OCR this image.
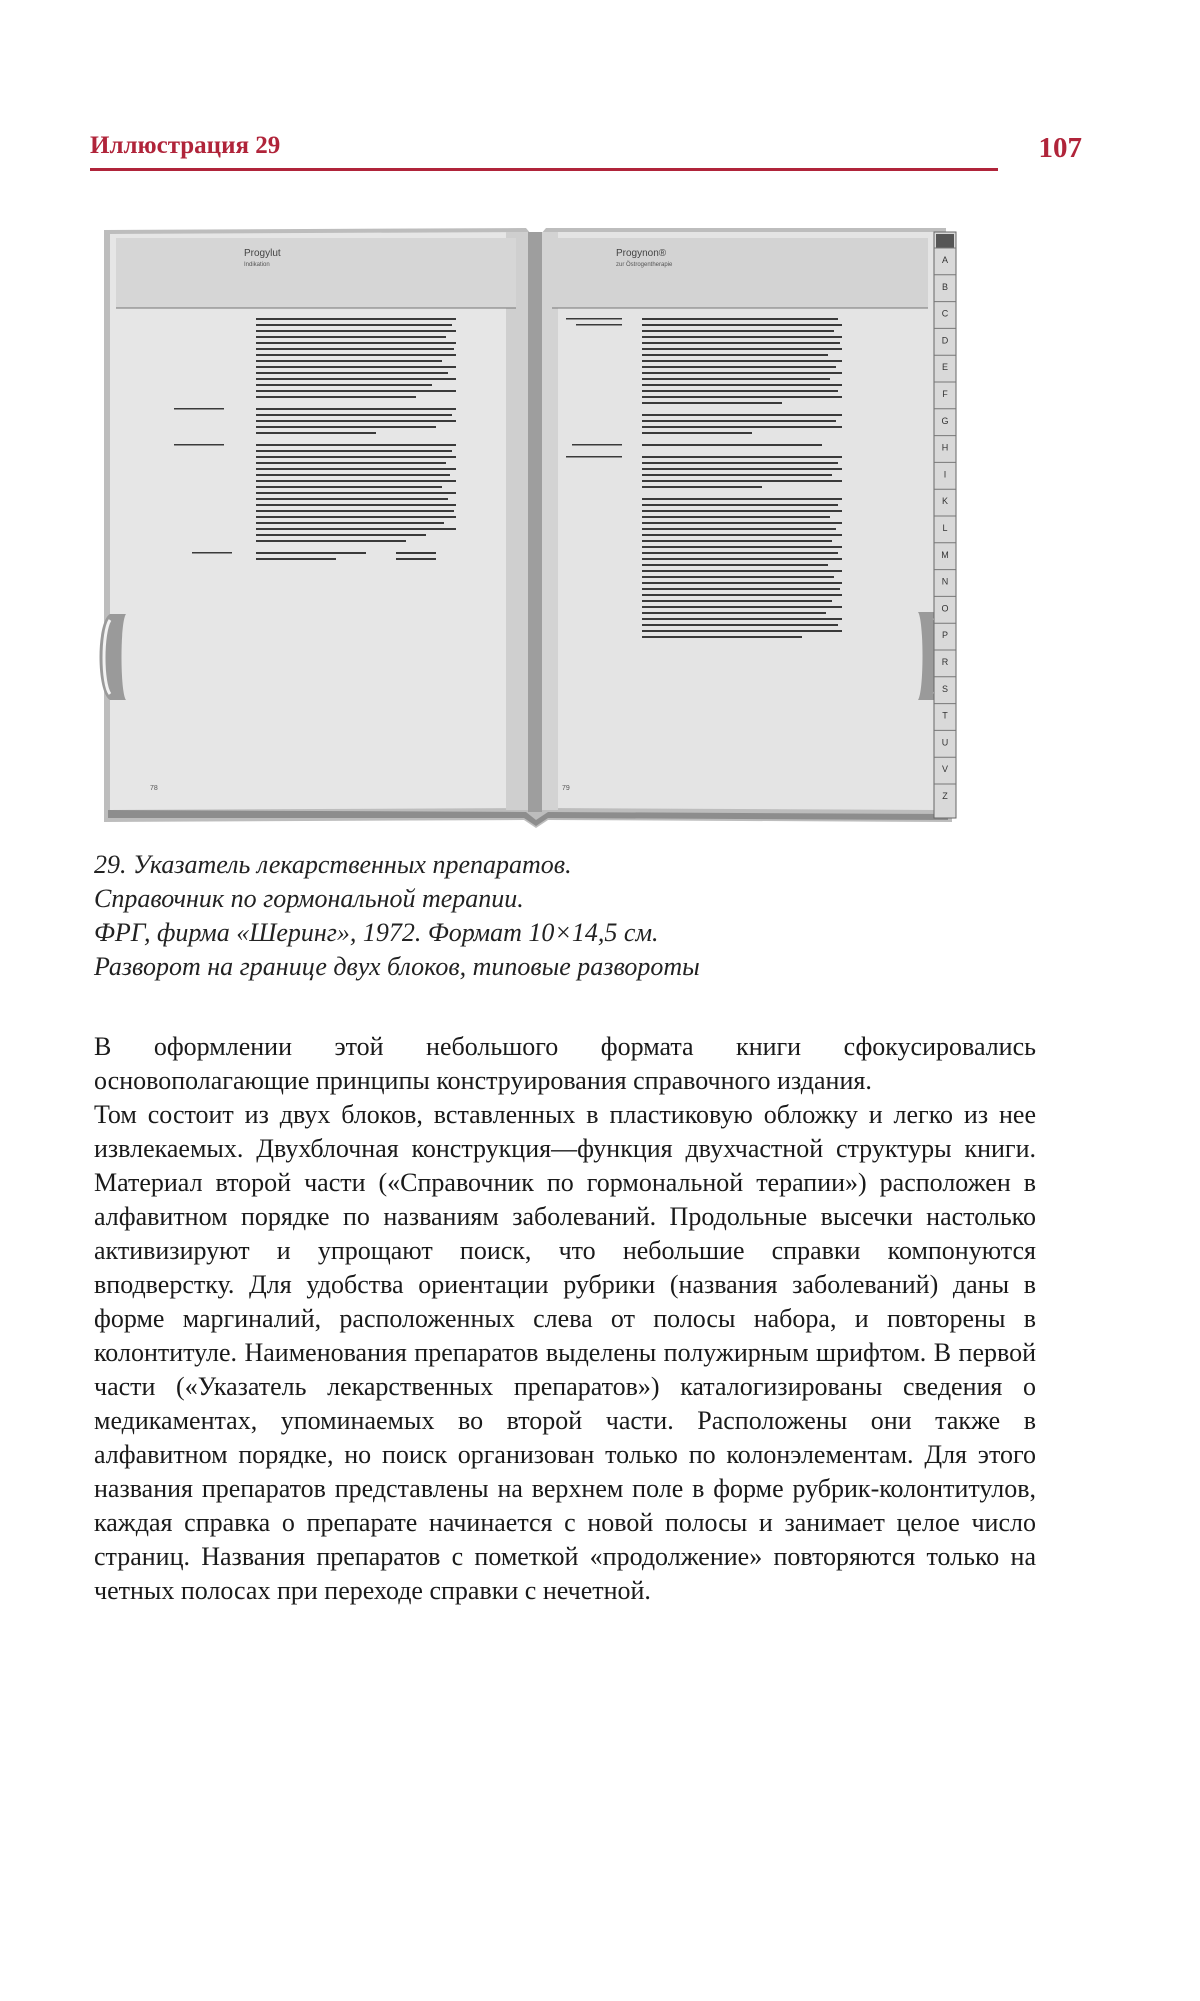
Иллюстрация 29	107
Progylut
Indikation
Progynon®
zur Östrogentherapie
78	79
A
B
C
D
E
F
G
H
I
K
L
M
N
O
P
R
S
T
U
V
Z
29. Указатель лекарственных препаратов.
Справочник по гормональной терапии.
ФРГ, фирма «Шеринг», 1972. Формат 10×14,5 см.
Разворот на границе двух блоков, типовые развороты

В оформлении этой небольшого формата книги сфокусировались основополагающие принципы конструирования справочного издания.

Том состоит из двух блоков, вставленных в пластиковую обложку и легко из нее извлекаемых. Двухблочная конструкция—функция двухчастной структуры книги. Материал второй части («Справочник по гормональной терапии») расположен в алфавитном порядке по названиям заболеваний. Продольные высечки настолько активизируют и упрощают поиск, что небольшие справки компонуются вподверстку. Для удобства ориентации рубрики (названия заболеваний) даны в форме маргиналий, расположенных слева от полосы набора, и повторены в колонтитуле. Наименования препаратов выделены полужирным шрифтом. В первой части («Указатель лекарственных препаратов») каталогизированы сведения о медикаментах, упоминаемых во второй части. Расположены они также в алфавитном порядке, но поиск организован только по колонэлементам. Для этого названия препаратов представлены на верхнем поле в форме рубрик-колонтитулов, каждая справка о препарате начинается с новой полосы и занимает целое число страниц. Названия препаратов с пометкой «продолжение» повторяются только на четных полосах при переходе справки с нечетной.
